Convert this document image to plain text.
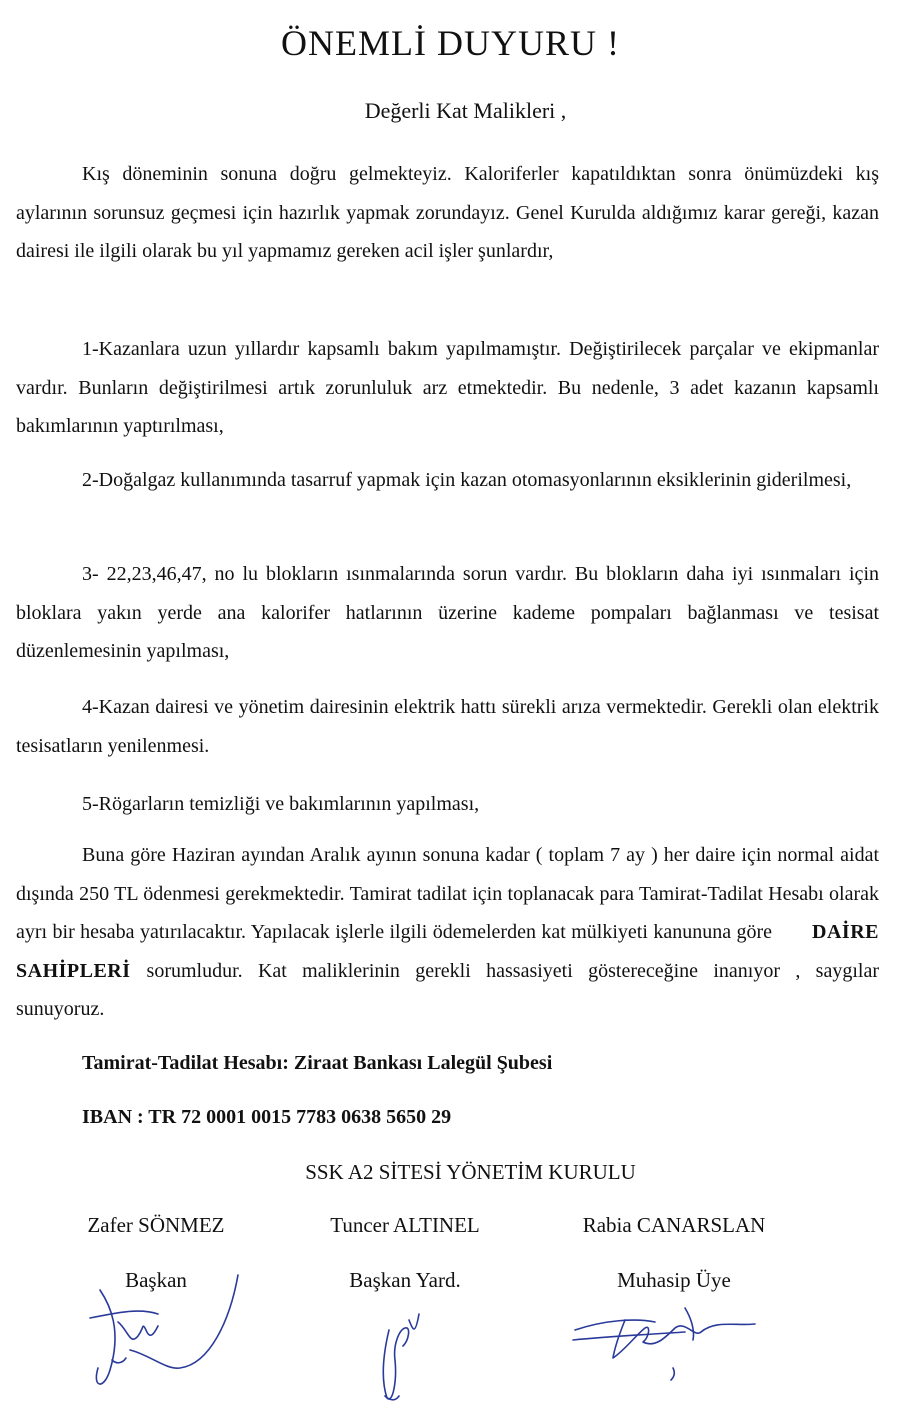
ÖNEMLİ DUYURU !
Değerli Kat Malikleri ,

Kış döneminin sonuna doğru gelmekteyiz. Kaloriferler kapatıldıktan sonra önümüzdeki kış aylarının sorunsuz geçmesi için hazırlık yapmak zorundayız. Genel Kurulda aldığımız karar gereği, kazan dairesi ile ilgili olarak bu yıl yapmamız gereken acil işler şunlardır,

1-Kazanlara uzun yıllardır kapsamlı bakım yapılmamıştır. Değiştirilecek parçalar ve ekipmanlar vardır. Bunların değiştirilmesi artık zorunluluk arz etmektedir. Bu nedenle, 3 adet kazanın kapsamlı bakımlarının yaptırılması,

2-Doğalgaz kullanımında tasarruf yapmak için kazan otomasyonlarının eksiklerinin giderilmesi,

3- 22,23,46,47, no lu blokların ısınmalarında sorun vardır. Bu blokların daha iyi ısınmaları için bloklara yakın yerde ana kalorifer hatlarının üzerine kademe pompaları bağlanması ve tesisat düzenlemesinin yapılması,

4-Kazan dairesi ve yönetim dairesinin elektrik hattı sürekli arıza vermektedir. Gerekli olan elektrik tesisatların yenilenmesi.

5-Rögarların temizliği ve bakımlarının yapılması,

Buna göre Haziran ayından Aralık ayının sonuna kadar ( toplam 7 ay ) her daire için normal aidat dışında 250 TL ödenmesi gerekmektedir. Tamirat tadilat için toplanacak para Tamirat-Tadilat Hesabı olarak ayrı bir hesaba yatırılacaktır. Yapılacak işlerle ilgili ödemelerden kat mülkiyeti kanununa göre DAİRE SAHİPLERİ sorumludur. Kat maliklerinin gerekli hassasiyeti göstereceğine inanıyor , saygılar sunuyoruz.

Tamirat-Tadilat Hesabı: Ziraat Bankası Lalegül Şubesi
IBAN : TR 72 0001 0015 7783 0638 5650 29
SSK A2 SİTESİ YÖNETİM KURULU
Zafer SÖNMEZ
Başkan
Tuncer ALTINEL
Başkan Yard.
Rabia CANARSLAN
Muhasip Üye
